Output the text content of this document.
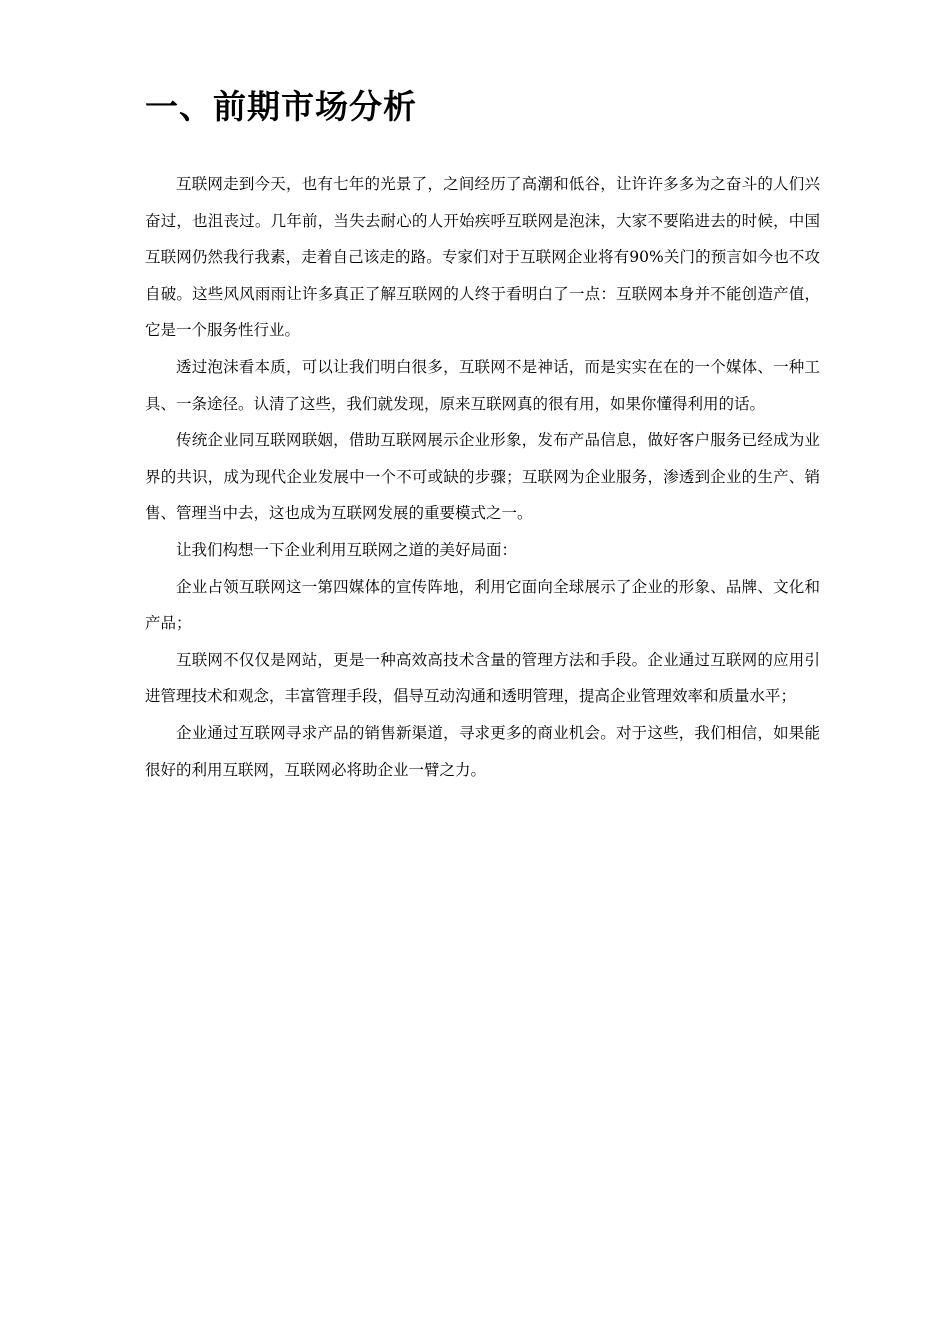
一、前期市场分析

互联网走到今天，也有七年的光景了，之间经历了高潮和低谷，让许许多多为之奋斗的人们兴奋过，也沮丧过。几年前，当失去耐心的人开始疾呼互联网是泡沫，大家不要陷进去的时候，中国互联网仍然我行我素，走着自己该走的路。专家们对于互联网企业将有90%关门的预言如今也不攻自破。这些风风雨雨让许多真正了解互联网的人终于看明白了一点：互联网本身并不能创造产值，它是一个服务性行业。

透过泡沫看本质，可以让我们明白很多，互联网不是神话，而是实实在在的一个媒体、一种工具、一条途径。认清了这些，我们就发现，原来互联网真的很有用，如果你懂得利用的话。

传统企业同互联网联姻，借助互联网展示企业形象，发布产品信息，做好客户服务已经成为业界的共识，成为现代企业发展中一个不可或缺的步骤；互联网为企业服务，渗透到企业的生产、销售、管理当中去，这也成为互联网发展的重要模式之一。

让我们构想一下企业利用互联网之道的美好局面：

企业占领互联网这一第四媒体的宣传阵地，利用它面向全球展示了企业的形象、品牌、文化和产品；

互联网不仅仅是网站，更是一种高效高技术含量的管理方法和手段。企业通过互联网的应用引进管理技术和观念，丰富管理手段，倡导互动沟通和透明管理，提高企业管理效率和质量水平；

企业通过互联网寻求产品的销售新渠道，寻求更多的商业机会。对于这些，我们相信，如果能很好的利用互联网，互联网必将助企业一臂之力。
